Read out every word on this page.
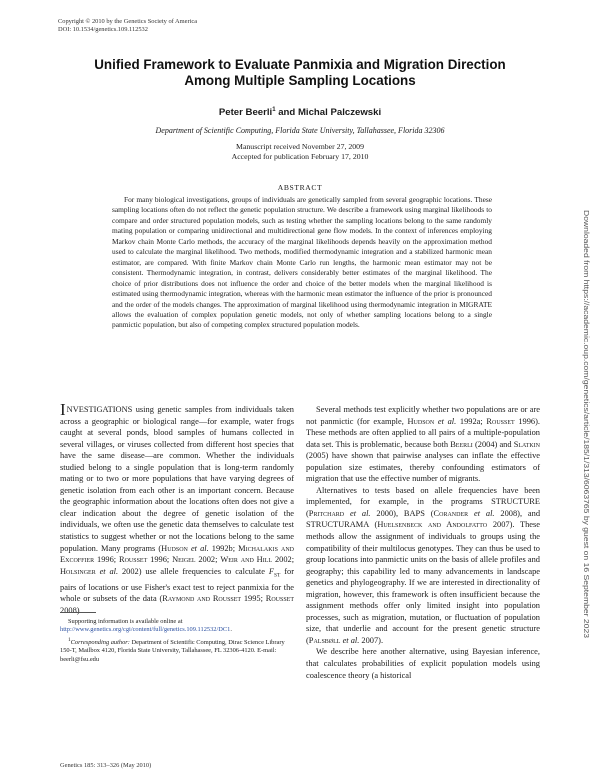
Copyright © 2010 by the Genetics Society of America
DOI: 10.1534/genetics.109.112532
Unified Framework to Evaluate Panmixia and Migration Direction
Among Multiple Sampling Locations
Peter Beerli$^1$ and Michal Palczewski
Department of Scientific Computing, Florida State University, Tallahassee, Florida 32306
Manuscript received November 27, 2009
Accepted for publication February 17, 2010
ABSTRACT
For many biological investigations, groups of individuals are genetically sampled from several geographic locations. These sampling locations often do not reflect the genetic population structure. We describe a framework using marginal likelihoods to compare and order structured population models, such as testing whether the sampling locations belong to the same randomly mating population or comparing unidirectional and multidirectional gene flow models. In the context of inferences employing Markov chain Monte Carlo methods, the accuracy of the marginal likelihoods depends heavily on the approximation method used to calculate the marginal likelihood. Two methods, modified thermodynamic integration and a stabilized harmonic mean estimator, are compared. With finite Markov chain Monte Carlo run lengths, the harmonic mean estimator may not be consistent. Thermodynamic integration, in contrast, delivers considerably better estimates of the marginal likelihood. The choice of prior distributions does not influence the order and choice of the better models when the marginal likelihood is estimated using thermodynamic integration, whereas with the harmonic mean estimator the influence of the prior is pronounced and the order of the models changes. The approximation of marginal likelihood using thermodynamic integration in MIGRATE allows the evaluation of complex population genetic models, not only of whether sampling locations belong to a single panmictic population, but also of competing complex structured population models.

INVESTIGATIONS using genetic samples from individuals taken across a geographic or biological range—for example, water frogs caught at several ponds, blood samples of humans collected in several villages, or viruses collected from different host species that have the same disease—are common. Whether the individuals studied belong to a single population that is long-term randomly mating or to two or more populations that have varying degrees of genetic isolation from each other is an important concern. Because the geographic information about the locations often does not give a clear indication about the degree of genetic isolation of the individuals, we often use the genetic data themselves to calculate test statistics to suggest whether or not the locations belong to the same population. Many programs (Hudson et al. 1992b; Michalakis and Excoffier 1996; Rousset 1996; Neigel 2002; Weir and Hill 2002; Holsinger et al. 2002) use allele frequencies to calculate $F_{ST}$ for pairs of locations or use Fisher's exact test to reject panmixia for the whole or subsets of the data (Raymond and Rousset 1995; Rousset 2008).

Supporting information is available online at http://www.genetics.org/cgi/content/full/genetics.109.112532/DC1.

$^1$Corresponding author: Department of Scientific Computing, Dirac Science Library 150-T, Mailbox 4120, Florida State University, Tallahassee, FL 32306-4120. E-mail: beerli@fsu.edu

Genetics 185: 313–326 (May 2010)

Several methods test explicitly whether two populations are or are not panmictic (for example, Hudson et al. 1992a; Rousset 1996). These methods are often applied to all pairs of a multiple-population data set. This is problematic, because both Beerli (2004) and Slatkin (2005) have shown that pairwise analyses can inflate the effective population size estimates, thereby confounding estimators of migration that use the effective number of migrants.

Alternatives to tests based on allele frequencies have been implemented, for example, in the programs STRUCTURE (Pritchard et al. 2000), BAPS (Corander et al. 2008), and STRUCTURAMA (Huelsenbeck and Andolfatto 2007). These methods allow the assignment of individuals to groups using the compatibility of their multilocus genotypes. They can thus be used to group locations into panmictic units on the basis of allele profiles and geography; this capability led to many advancements in landscape genetics and phylogeography. If we are interested in directionality of migration, however, this framework is often insufficient because the assignment methods offer only limited insight into population processes, such as migration, mutation, or fluctuation of population size, that underlie and account for the present genetic structure (Palsbøll et al. 2007).

We describe here another alternative, using Bayesian inference, that calculates probabilities of explicit population models using coalescence theory (a historical

Downloaded from https://academic.oup.com/genetics/article/185/1/313/6063765 by guest on 16 September 2023
